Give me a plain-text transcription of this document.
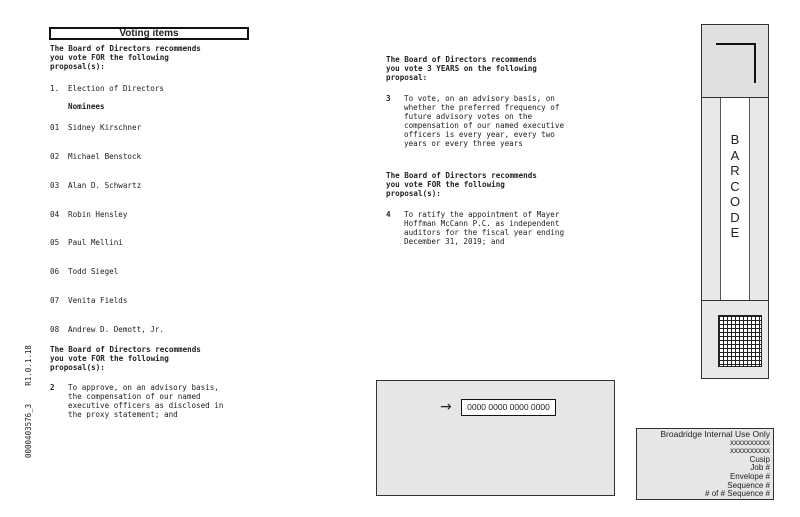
Voting items
The Board of Directors recommends
you vote FOR the following
proposal(s):
1. Election of Directors
Nominees
01 Sidney Kirschner
02 Michael Benstock
03 Alan D. Schwartz
04 Robin Hensley
05 Paul Mellini
06 Todd Siegel
07 Venita Fields
08 Andrew D. Demott, Jr.
The Board of Directors recommends
you vote FOR the following
proposal(s):
2 To approve, on an advisory basis,
the compensation of our named
executive officers as disclosed in
the proxy statement; and
The Board of Directors recommends
you vote 3 YEARS on the following
proposal:
3 To vote, on an advisory basis, on
whether the preferred frequency of
future advisory votes on the
compensation of our named executive
officers is every year, every two
years or every three years
The Board of Directors recommends
you vote FOR the following
proposal(s):
4 To ratify the appointment of Mayer
Hoffman McCann P.C. as independent
auditors for the fiscal year ending
December 31, 2019; and
B
A
R
C
O
D
E
→	0000 0000 0000 0000
Broadridge Internal Use Only
xxxxxxxxxx
xxxxxxxxxx
Cusip
Job #
Envelope #
Sequence #
# of # Sequence #
0000403576_3    R1.0.1.18
